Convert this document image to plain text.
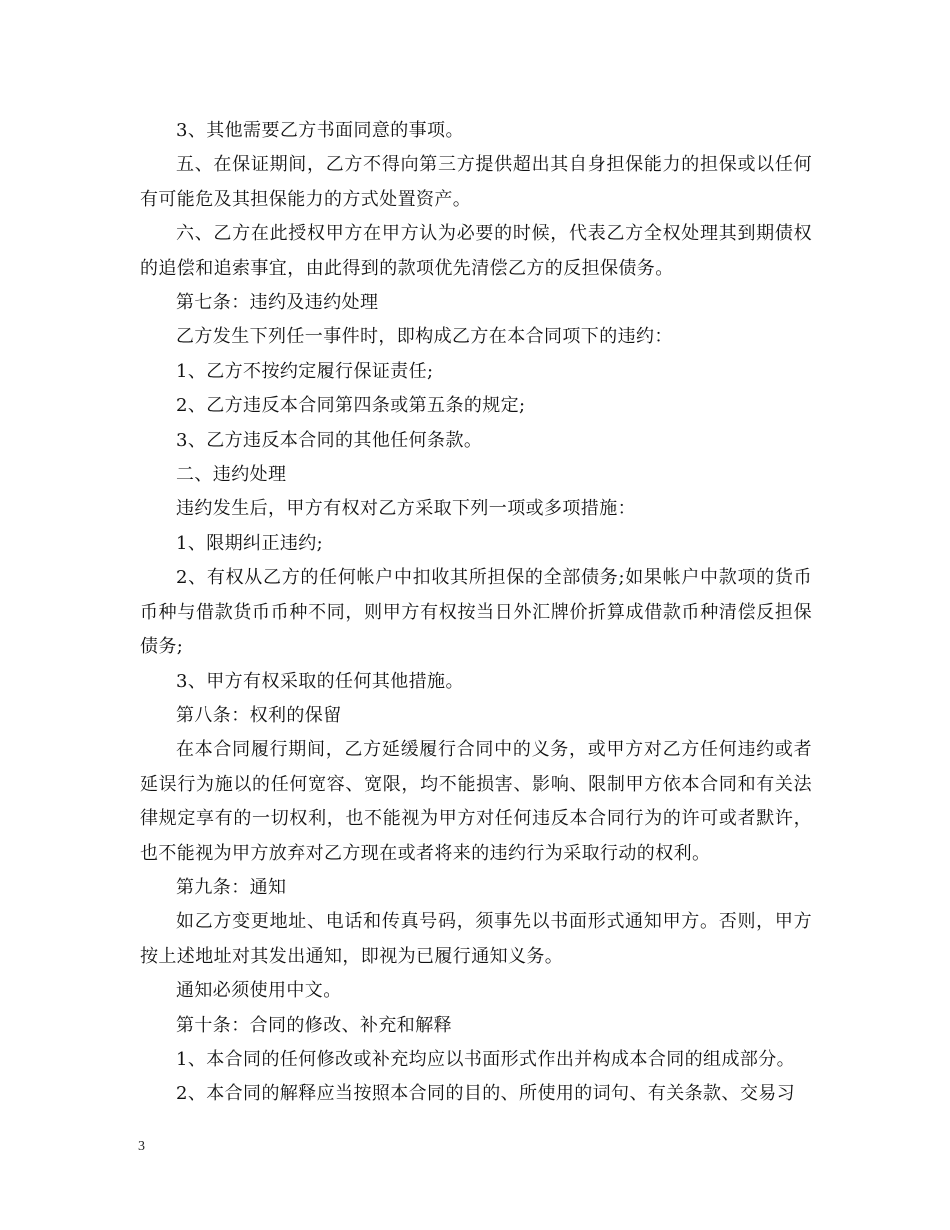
3、其他需要乙方书面同意的事项。

五、在保证期间，乙方不得向第三方提供超出其自身担保能力的担保或以任何有可能危及其担保能力的方式处置资产。

六、乙方在此授权甲方在甲方认为必要的时候，代表乙方全权处理其到期债权的追偿和追索事宜，由此得到的款项优先清偿乙方的反担保债务。

第七条：违约及违约处理

乙方发生下列任一事件时，即构成乙方在本合同项下的违约：

1、乙方不按约定履行保证责任;

2、乙方违反本合同第四条或第五条的规定;

3、乙方违反本合同的其他任何条款。

二、违约处理

违约发生后，甲方有权对乙方采取下列一项或多项措施：

1、限期纠正违约;

2、有权从乙方的任何帐户中扣收其所担保的全部债务;如果帐户中款项的货币币种与借款货币币种不同，则甲方有权按当日外汇牌价折算成借款币种清偿反担保债务;

3、甲方有权采取的任何其他措施。

第八条：权利的保留

在本合同履行期间，乙方延缓履行合同中的义务，或甲方对乙方任何违约或者延误行为施以的任何宽容、宽限，均不能损害、影响、限制甲方依本合同和有关法律规定享有的一切权利，也不能视为甲方对任何违反本合同行为的许可或者默许，也不能视为甲方放弃对乙方现在或者将来的违约行为采取行动的权利。

第九条：通知

如乙方变更地址、电话和传真号码，须事先以书面形式通知甲方。否则，甲方按上述地址对其发出通知，即视为已履行通知义务。

通知必须使用中文。

第十条：合同的修改、补充和解释

1、本合同的任何修改或补充均应以书面形式作出并构成本合同的组成部分。

2、本合同的解释应当按照本合同的目的、所使用的词句、有关条款、交易习

3
